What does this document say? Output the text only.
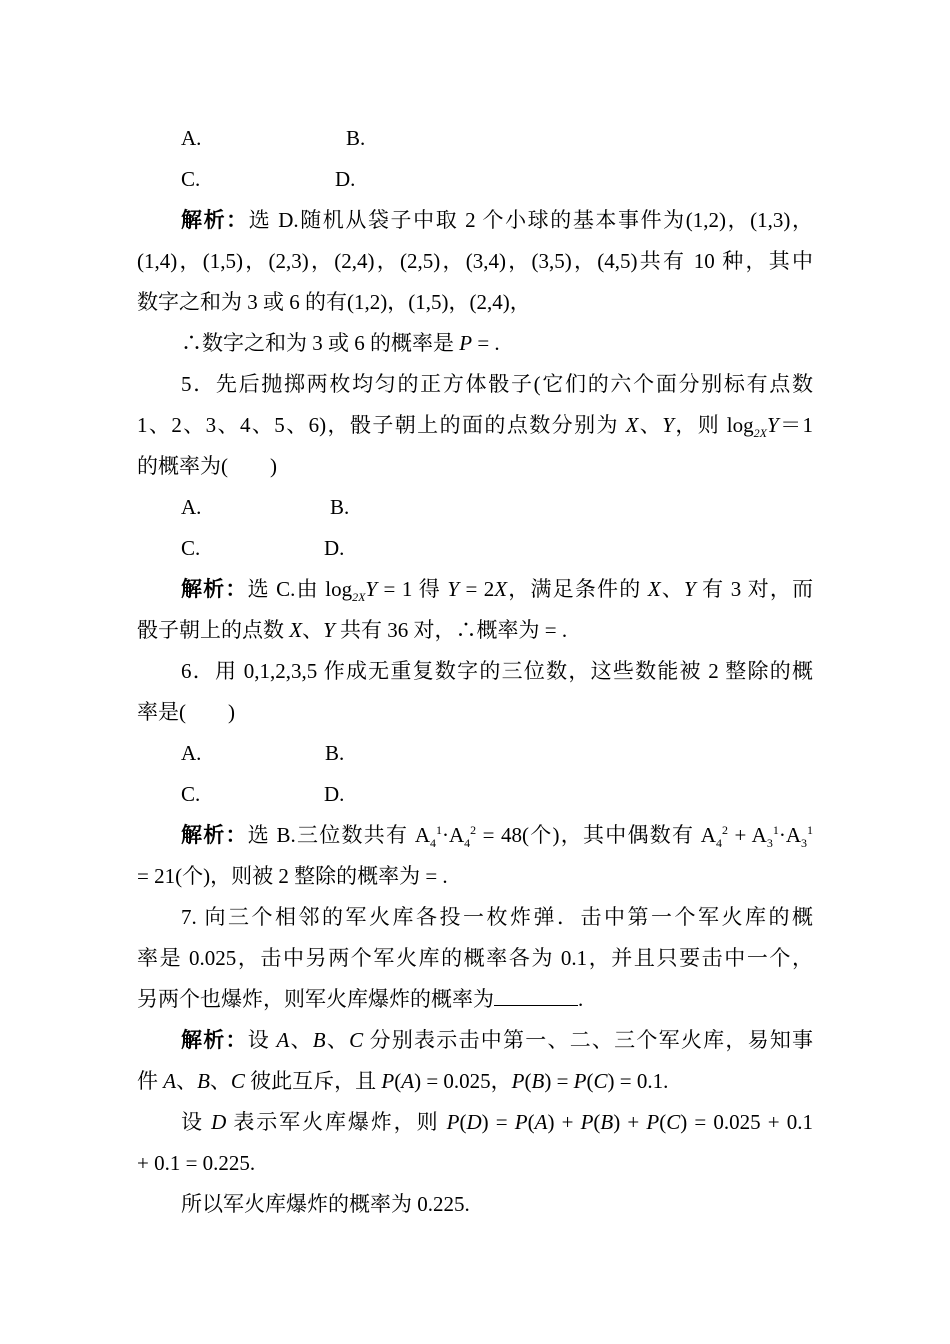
A.	B.
C.	D.
解析：选 D.随机从袋子中取 2 个小球的基本事件为(1,2)，(1,3)，
(1,4)，(1,5)，(2,3)，(2,4)，(2,5)，(3,4)，(3,5)，(4,5)共有 10 种，其中
数字之和为 3 或 6 的有(1,2)，(1,5)，(2,4)，
∴数字之和为 3 或 6 的概率是 P = .
5．先后抛掷两枚均匀的正方体骰子(它们的六个面分别标有点数
1、2、3、4、5、6)，骰子朝上的面的点数分别为 X、Y，则 $\log_{2X}Y=1$
的概率为(　　)
A.	B.
C.	D.
解析：选 C.由 $\log_{2X}Y = 1$ 得 Y = 2X，满足条件的 X、Y 有 3 对，而
骰子朝上的点数 X、Y 共有 36 对，∴概率为 = .
6．用 0,1,2,3,5 作成无重复数字的三位数，这些数能被 2 整除的概
率是(　　)
A.	B.
C.	D.
解析：选 B.三位数共有 $A_4^1\cdot A_4^2 = 48$(个)，其中偶数有 $A_4^2 + A_3^1\cdot A_3^1$
= 21(个)，则被 2 整除的概率为 = .
7. 向三个相邻的军火库各投一枚炸弹．击中第一个军火库的概
率是 0.025，击中另两个军火库的概率各为 0.1，并且只要击中一个，
另两个也爆炸，则军火库爆炸的概率为	.
解析：设 A、B、C 分别表示击中第一、二、三个军火库，易知事
件 A、B、C 彼此互斥，且 P(A) = 0.025，P(B) = P(C) = 0.1.
设 D 表示军火库爆炸，则 P(D) = P(A) + P(B) + P(C) = 0.025 + 0.1
+ 0.1 = 0.225.
所以军火库爆炸的概率为 0.225.
